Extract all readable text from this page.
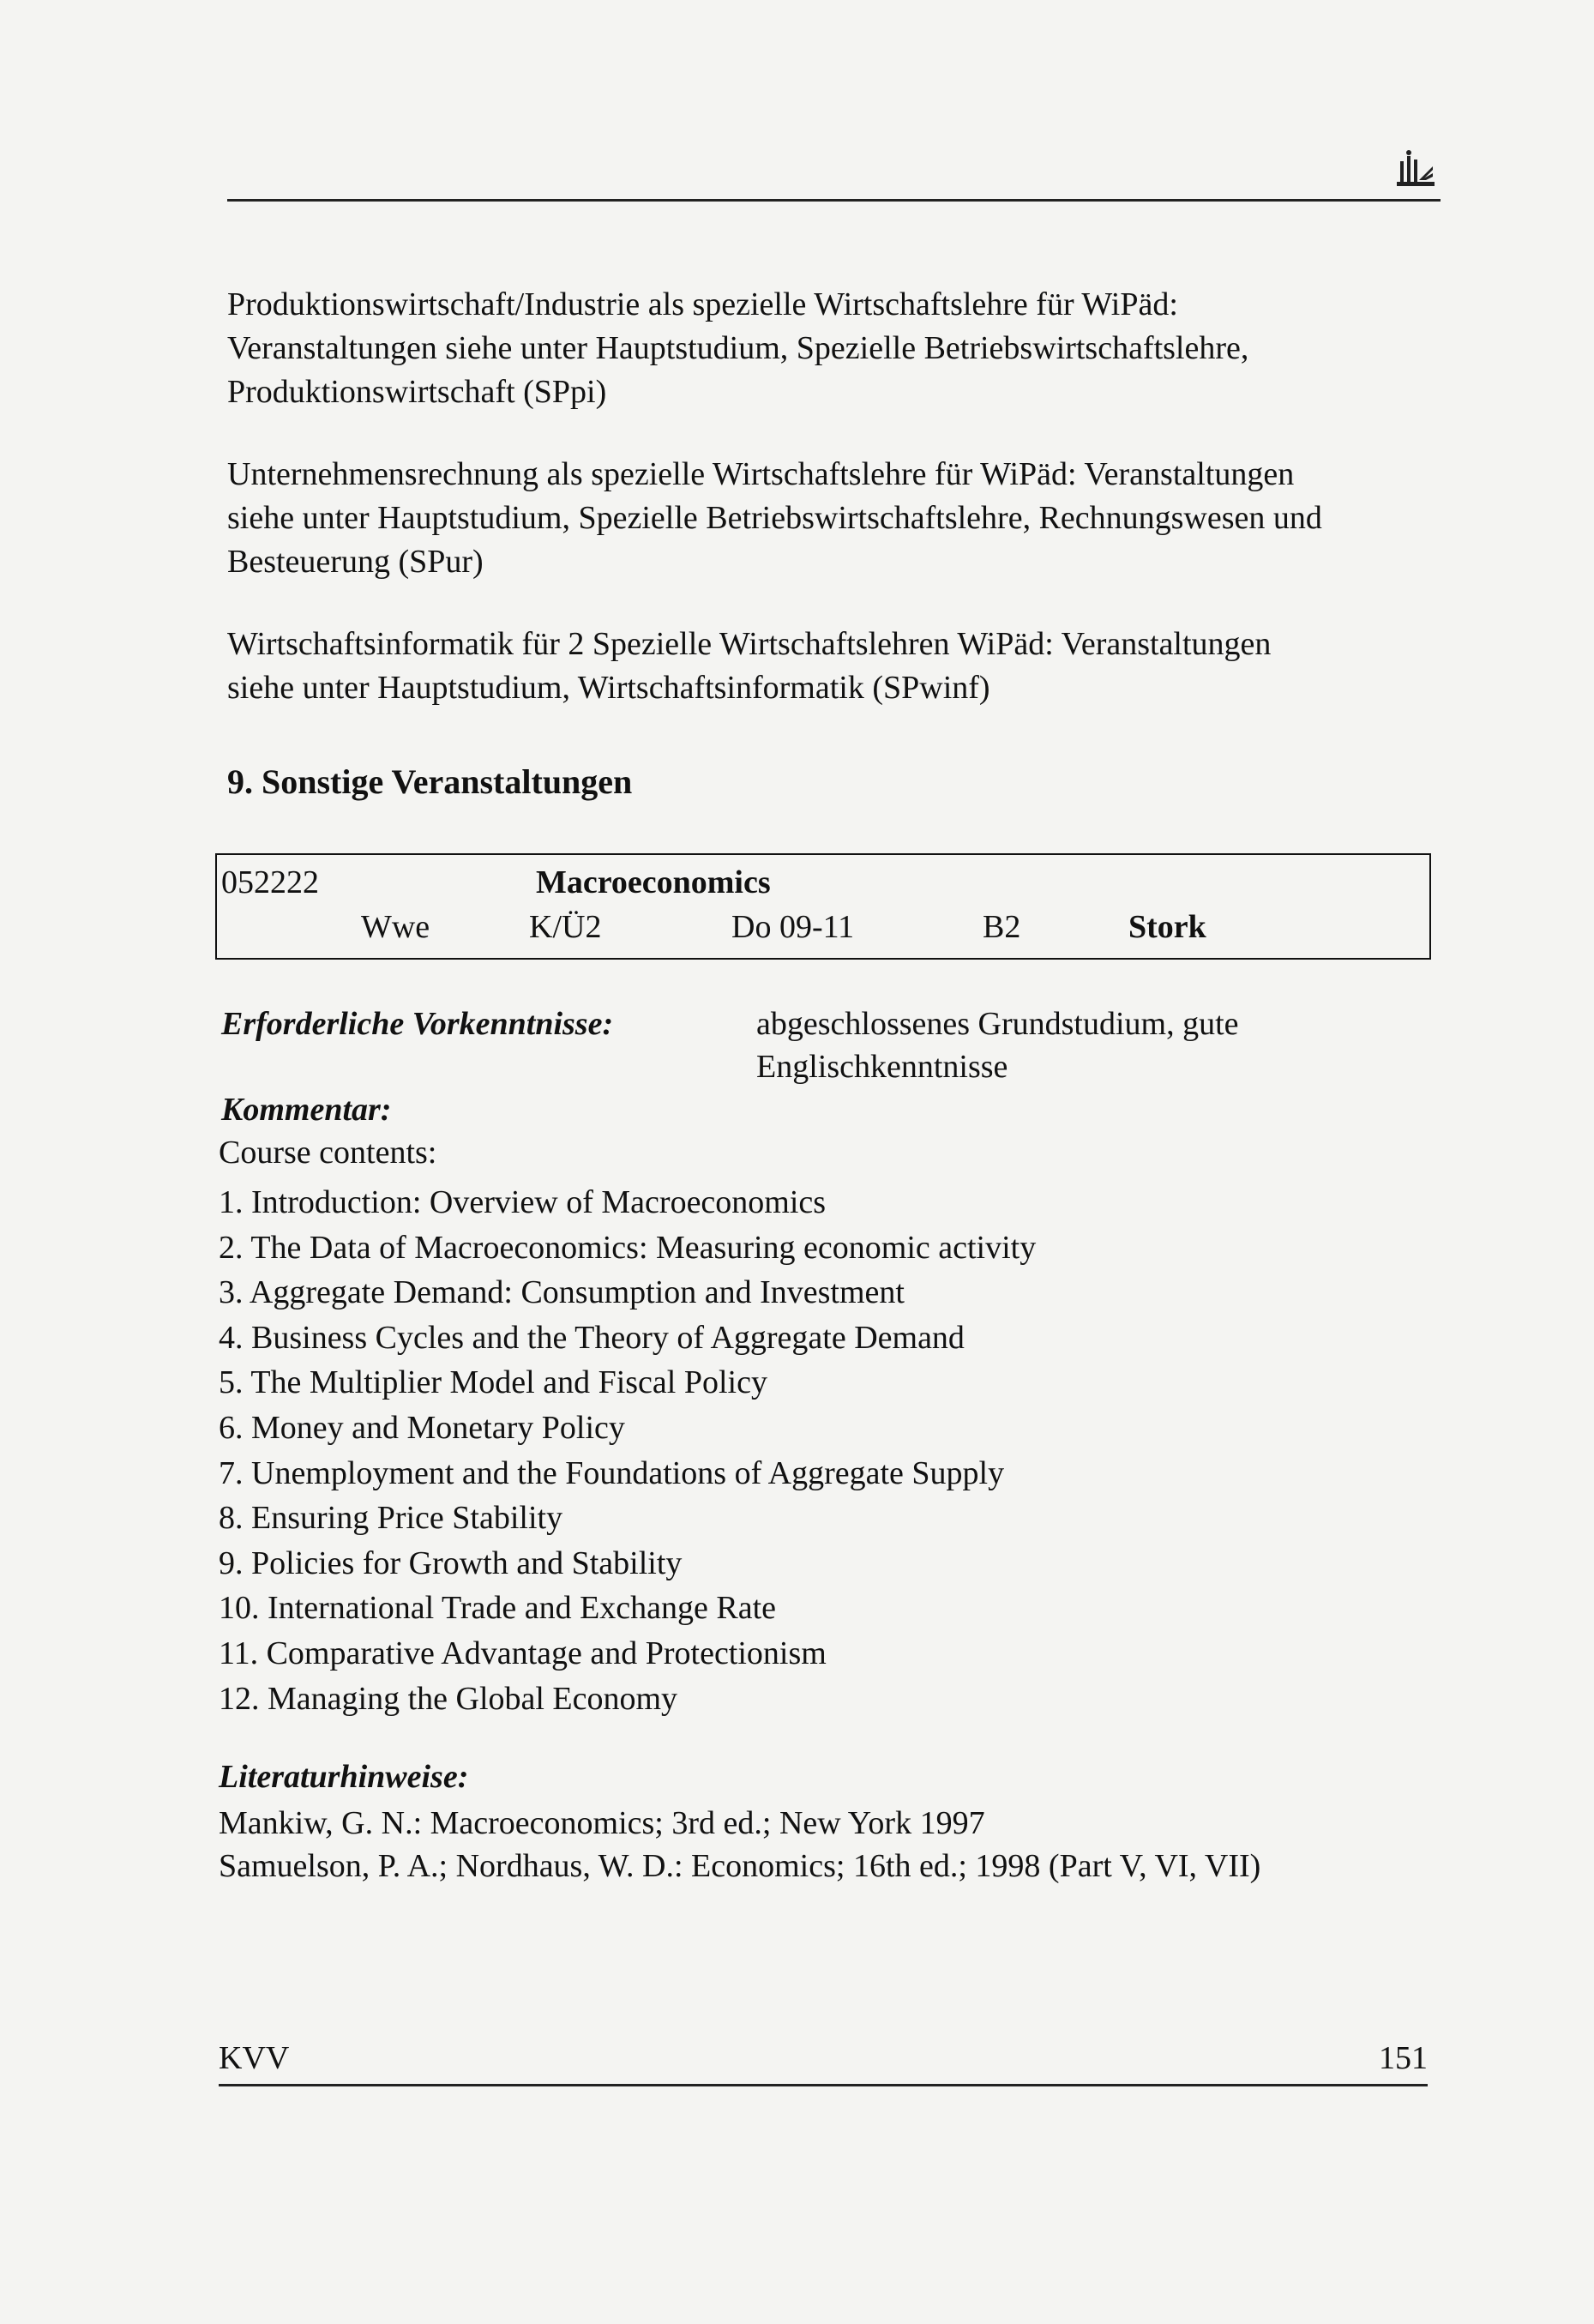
Produktionswirtschaft/Industrie als spezielle Wirtschaftslehre für WiPäd:
Veranstaltungen siehe unter Hauptstudium, Spezielle Betriebswirtschaftslehre,
Produktionswirtschaft (SPpi)
Unternehmensrechnung als spezielle Wirtschaftslehre für WiPäd: Veranstaltungen
siehe unter Hauptstudium, Spezielle Betriebswirtschaftslehre, Rechnungswesen und
Besteuerung (SPur)
Wirtschaftsinformatik für 2 Spezielle Wirtschaftslehren WiPäd: Veranstaltungen
siehe unter Hauptstudium, Wirtschaftsinformatik (SPwinf)
9. Sonstige Veranstaltungen
052222	Macroeconomics
Wwe	K/Ü2	Do 09-11	B2	Stork
Erforderliche Vorkenntnisse:	abgeschlossenes Grundstudium, gute
Englischkenntnisse
Kommentar:
Course contents:
1. Introduction: Overview of Macroeconomics
2. The Data of Macroeconomics: Measuring economic activity
3. Aggregate Demand: Consumption and Investment
4. Business Cycles and the Theory of Aggregate Demand
5. The Multiplier Model and Fiscal Policy
6. Money and Monetary Policy
7. Unemployment and the Foundations of Aggregate Supply
8. Ensuring Price Stability
9. Policies for Growth and Stability
10. International Trade and Exchange Rate
11. Comparative Advantage and Protectionism
12. Managing the Global Economy
Literaturhinweise:
Mankiw, G. N.: Macroeconomics; 3rd ed.; New York 1997
Samuelson, P. A.; Nordhaus, W. D.: Economics; 16th ed.; 1998 (Part V, VI, VII)
KVV	151
